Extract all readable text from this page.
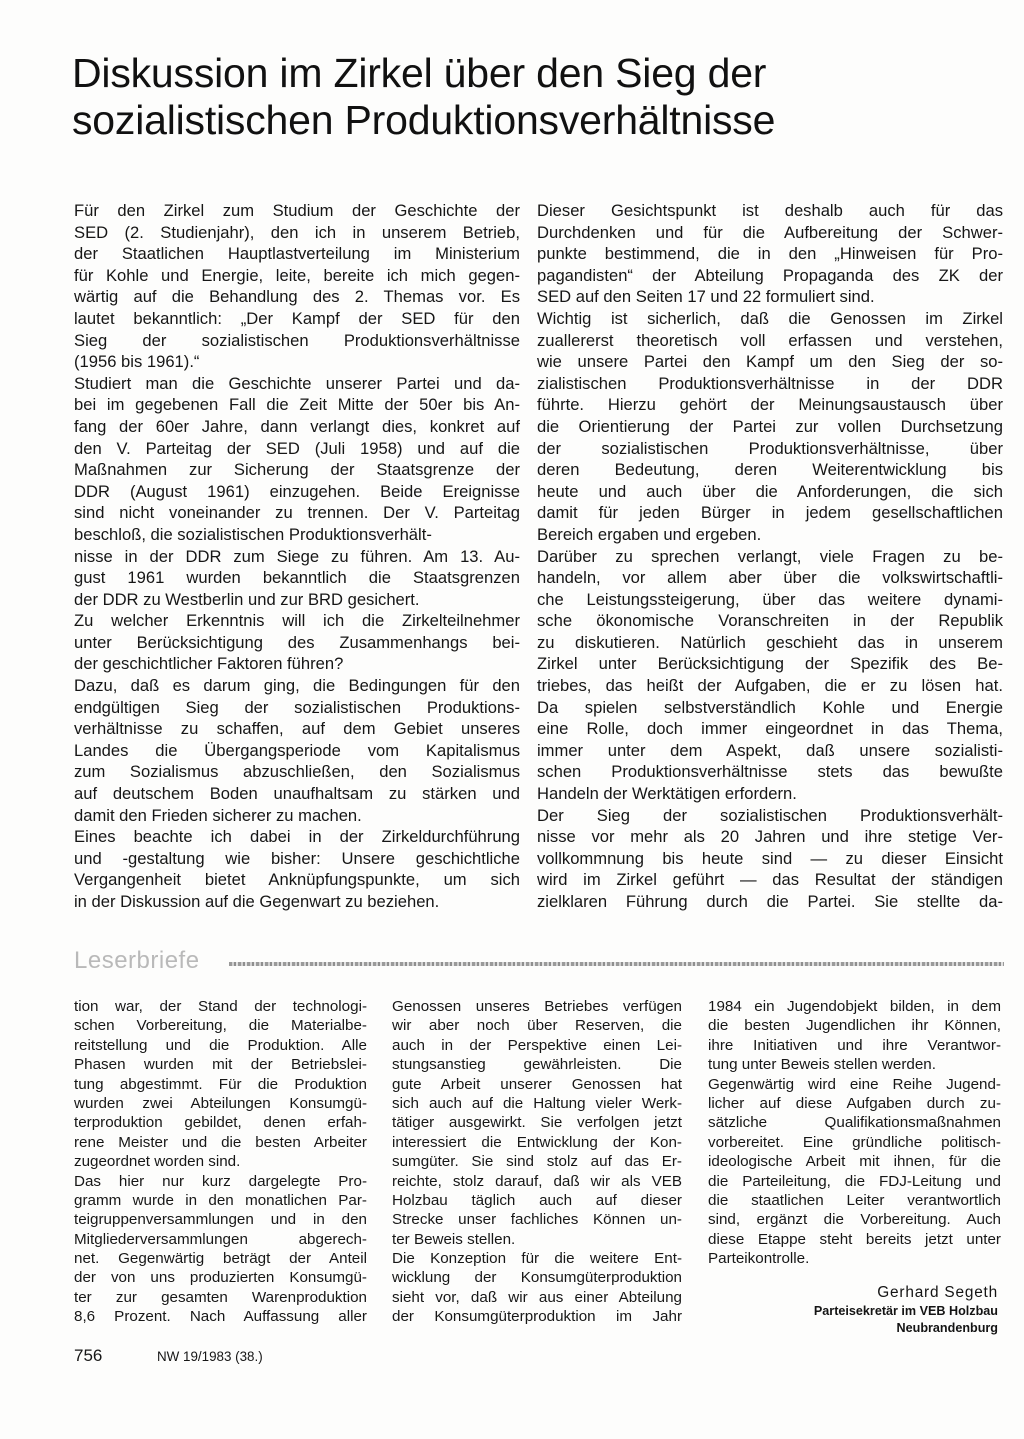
Diskussion im Zirkel über den Sieg der
sozialistischen Produktionsverhältnisse
Für den Zirkel zum Studium der Geschichte der
SED (2. Studienjahr), den ich in unserem Betrieb,
der Staatlichen Hauptlastverteilung im Ministerium
für Kohle und Energie, leite, bereite ich mich gegen-
wärtig auf die Behandlung des 2. Themas vor. Es
lautet bekanntlich: „Der Kampf der SED für den
Sieg der sozialistischen Produktionsverhältnisse
(1956 bis 1961).“
Studiert man die Geschichte unserer Partei und da-
bei im gegebenen Fall die Zeit Mitte der 50er bis An-
fang der 60er Jahre, dann verlangt dies, konkret auf
den V. Parteitag der SED (Juli 1958) und auf die
Maßnahmen zur Sicherung der Staatsgrenze der
DDR (August 1961) einzugehen. Beide Ereignisse
sind nicht voneinander zu trennen. Der V. Parteitag
beschloß, die sozialistischen Produktionsverhält-
nisse in der DDR zum Siege zu führen. Am 13. Au-
gust 1961 wurden bekanntlich die Staatsgrenzen
der DDR zu Westberlin und zur BRD gesichert.
Zu welcher Erkenntnis will ich die Zirkelteilnehmer
unter Berücksichtigung des Zusammenhangs bei-
der geschichtlicher Faktoren führen?
Dazu, daß es darum ging, die Bedingungen für den
endgültigen Sieg der sozialistischen Produktions-
verhältnisse zu schaffen, auf dem Gebiet unseres
Landes die Übergangsperiode vom Kapitalismus
zum Sozialismus abzuschließen, den Sozialismus
auf deutschem Boden unaufhaltsam zu stärken und
damit den Frieden sicherer zu machen.
Eines beachte ich dabei in der Zirkeldurchführung
und -gestaltung wie bisher: Unsere geschichtliche
Vergangenheit bietet Anknüpfungspunkte, um sich
in der Diskussion auf die Gegenwart zu beziehen.
Dieser Gesichtspunkt ist deshalb auch für das
Durchdenken und für die Aufbereitung der Schwer-
punkte bestimmend, die in den „Hinweisen für Pro-
pagandisten“ der Abteilung Propaganda des ZK der
SED auf den Seiten 17 und 22 formuliert sind.
Wichtig ist sicherlich, daß die Genossen im Zirkel
zuallererst theoretisch voll erfassen und verstehen,
wie unsere Partei den Kampf um den Sieg der so-
zialistischen Produktionsverhältnisse in der DDR
führte. Hierzu gehört der Meinungsaustausch über
die Orientierung der Partei zur vollen Durchsetzung
der sozialistischen Produktionsverhältnisse, über
deren Bedeutung, deren Weiterentwicklung bis
heute und auch über die Anforderungen, die sich
damit für jeden Bürger in jedem gesellschaftlichen
Bereich ergaben und ergeben.
Darüber zu sprechen verlangt, viele Fragen zu be-
handeln, vor allem aber über die volkswirtschaftli-
che Leistungssteigerung, über das weitere dynami-
sche ökonomische Voranschreiten in der Republik
zu diskutieren. Natürlich geschieht das in unserem
Zirkel unter Berücksichtigung der Spezifik des Be-
triebes, das heißt der Aufgaben, die er zu lösen hat.
Da spielen selbstverständlich Kohle und Energie
eine Rolle, doch immer eingeordnet in das Thema,
immer unter dem Aspekt, daß unsere sozialisti-
schen Produktionsverhältnisse stets das bewußte
Handeln der Werktätigen erfordern.
Der Sieg der sozialistischen Produktionsverhält-
nisse vor mehr als 20 Jahren und ihre stetige Ver-
vollkommnung bis heute sind — zu dieser Einsicht
wird im Zirkel geführt — das Resultat der ständigen
zielklaren Führung durch die Partei. Sie stellte da-
Leserbriefe
tion war, der Stand der technologi-
schen Vorbereitung, die Materialbe-
reitstellung und die Produktion. Alle
Phasen wurden mit der Betriebslei-
tung abgestimmt. Für die Produktion
wurden zwei Abteilungen Konsumgü-
terproduktion gebildet, denen erfah-
rene Meister und die besten Arbeiter
zugeordnet worden sind.
Das hier nur kurz dargelegte Pro-
gramm wurde in den monatlichen Par-
teigruppenversammlungen und in den
Mitgliederversammlungen abgerech-
net. Gegenwärtig beträgt der Anteil
der von uns produzierten Konsumgü-
ter zur gesamten Warenproduktion
8,6 Prozent. Nach Auffassung aller
Genossen unseres Betriebes verfügen
wir aber noch über Reserven, die
auch in der Perspektive einen Lei-
stungsanstieg gewährleisten. Die
gute Arbeit unserer Genossen hat
sich auch auf die Haltung vieler Werk-
tätiger ausgewirkt. Sie verfolgen jetzt
interessiert die Entwicklung der Kon-
sumgüter. Sie sind stolz auf das Er-
reichte, stolz darauf, daß wir als VEB
Holzbau täglich auch auf dieser
Strecke unser fachliches Können un-
ter Beweis stellen.
Die Konzeption für die weitere Ent-
wicklung der Konsumgüterproduktion
sieht vor, daß wir aus einer Abteilung
der Konsumgüterproduktion im Jahr
1984 ein Jugendobjekt bilden, in dem
die besten Jugendlichen ihr Können,
ihre Initiativen und ihre Verantwor-
tung unter Beweis stellen werden.
Gegenwärtig wird eine Reihe Jugend-
licher auf diese Aufgaben durch zu-
sätzliche Qualifikationsmaßnahmen
vorbereitet. Eine gründliche politisch-
ideologische Arbeit mit ihnen, für die
die Parteileitung, die FDJ-Leitung und
die staatlichen Leiter verantwortlich
sind, ergänzt die Vorbereitung. Auch
diese Etappe steht bereits jetzt unter
Parteikontrolle.
Gerhard Segeth
Parteisekretär im VEB Holzbau
Neubrandenburg
756	NW 19/1983 (38.)
